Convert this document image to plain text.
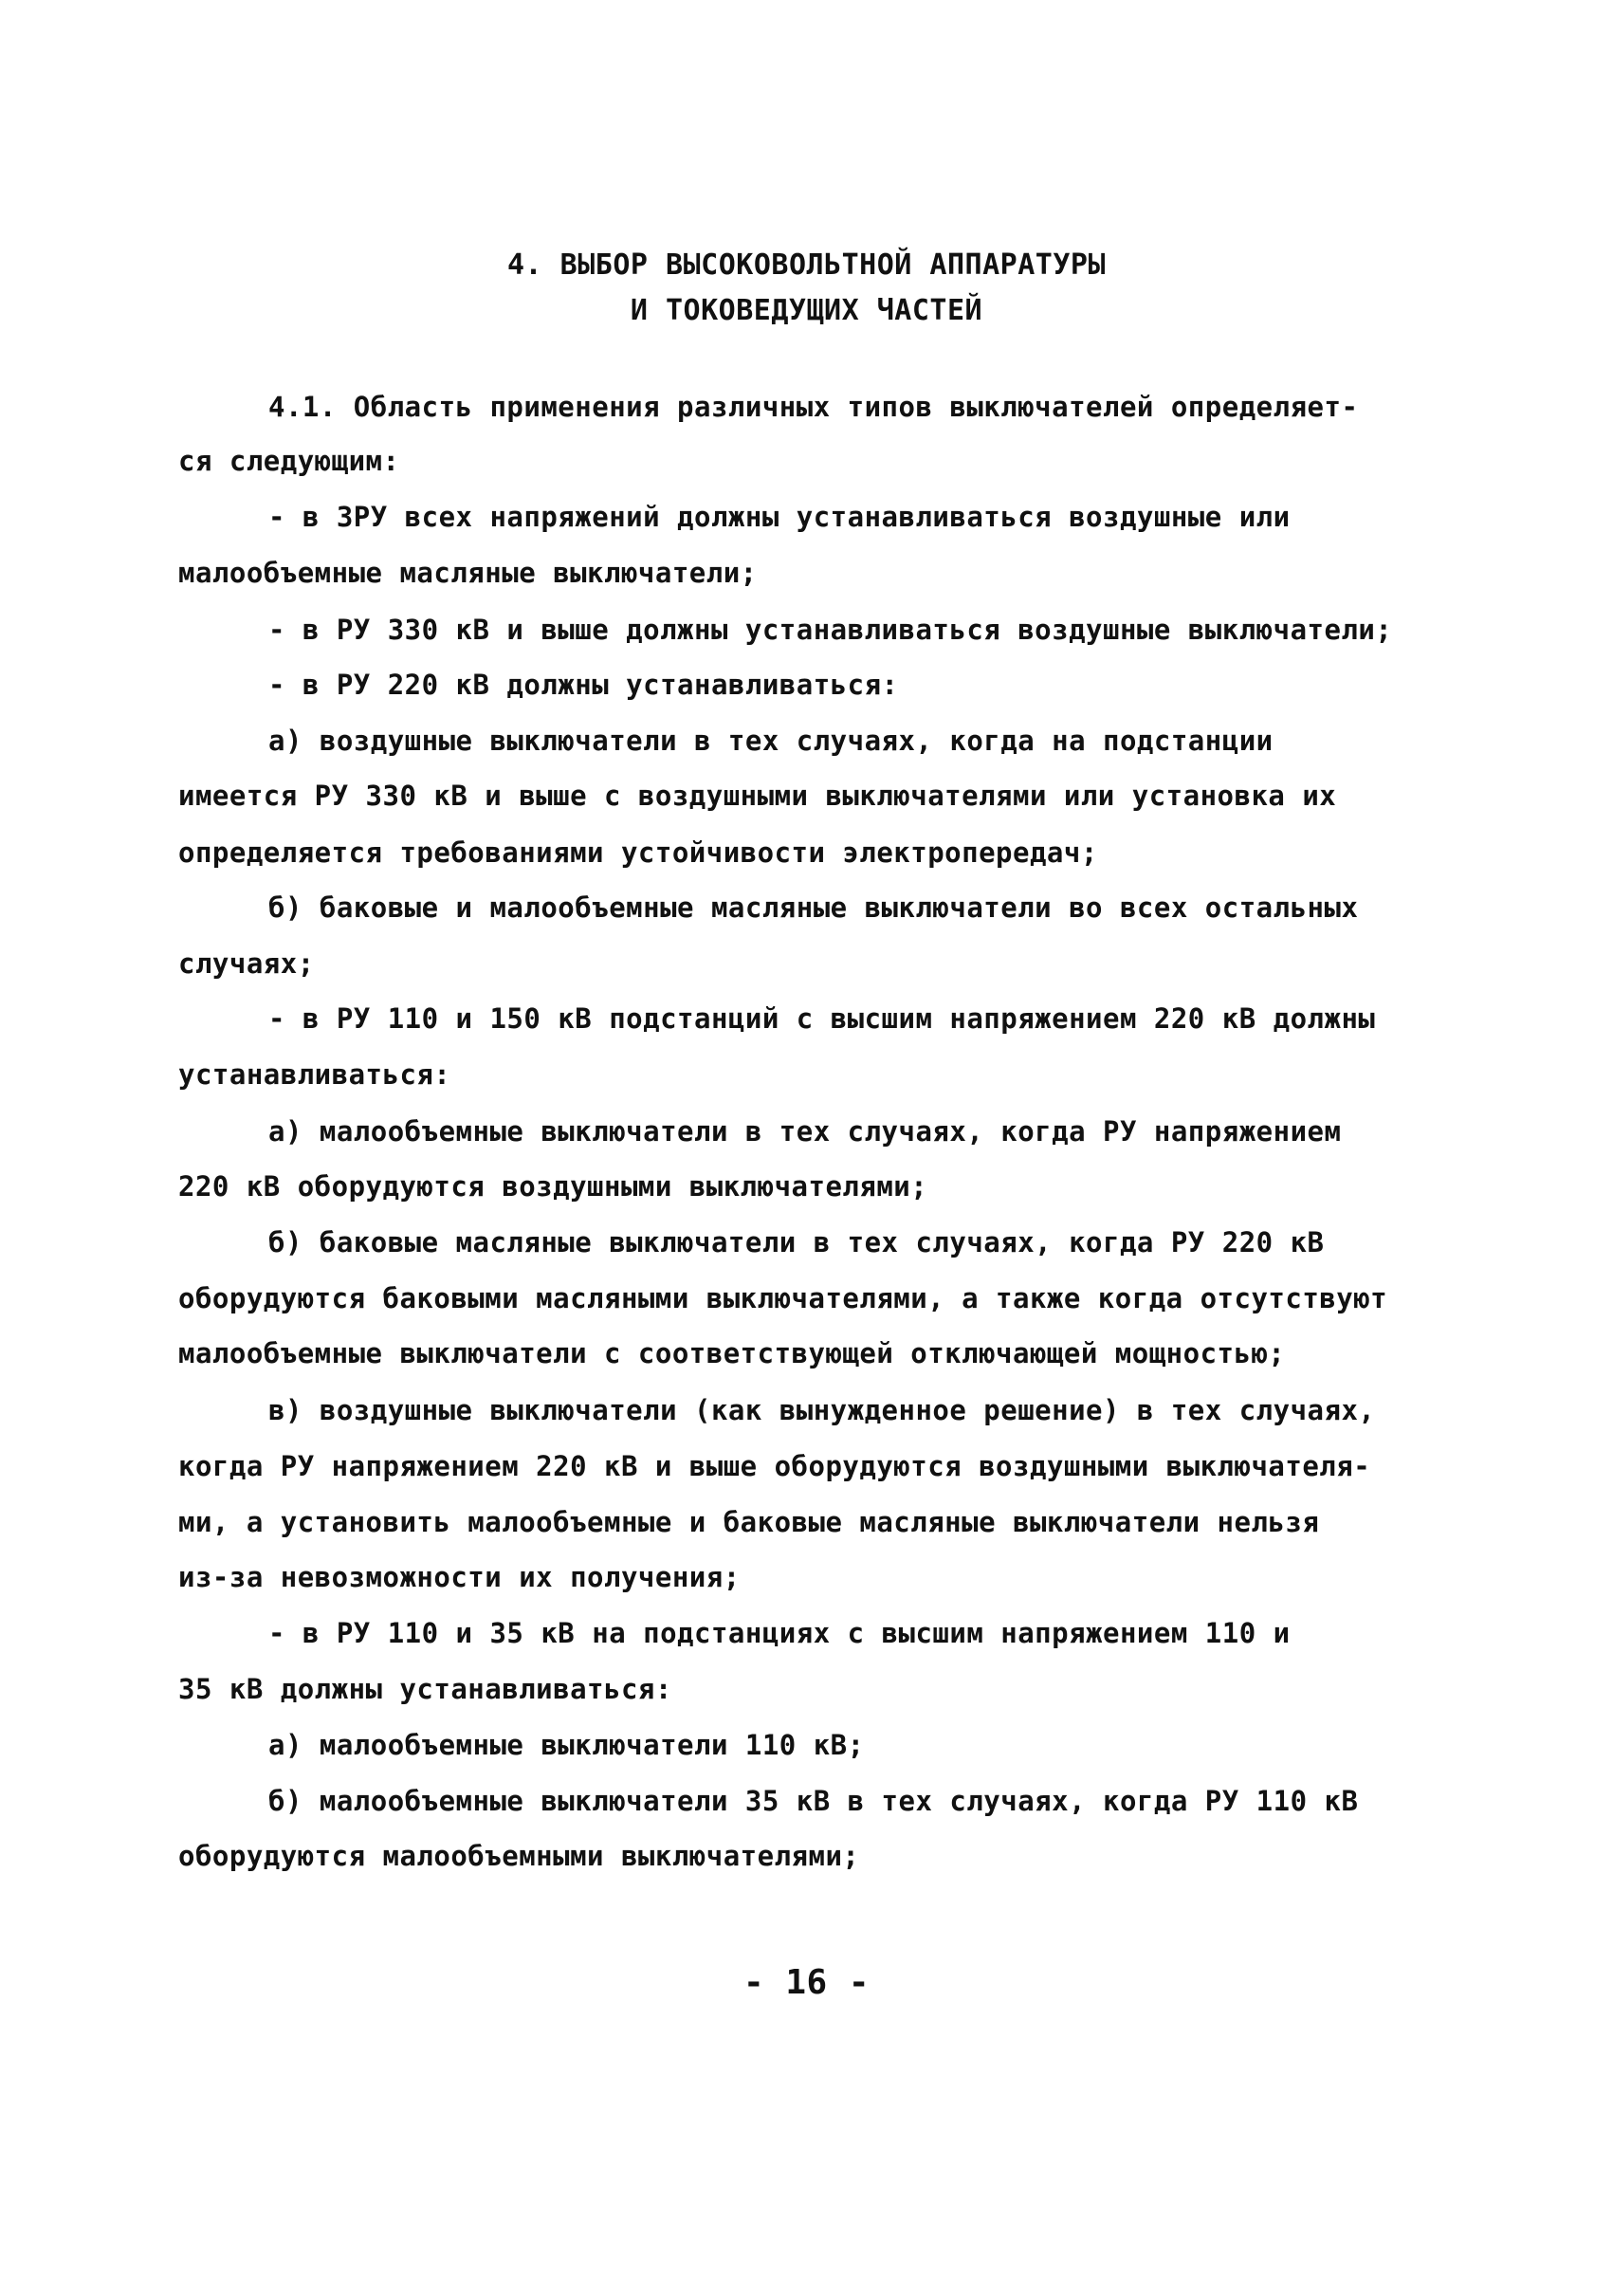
4. ВЫБОР ВЫСОКОВОЛЬТНОЙ АППАРАТУРЫ
И ТОКОВЕДУЩИХ ЧАСТЕЙ
4.1. Область применения различных типов выключателей определяет-
ся следующим:
- в ЗРУ всех напряжений должны устанавливаться воздушные или
малообъемные масляные выключатели;
- в РУ 330 кВ и выше должны устанавливаться воздушные выключатели;
- в РУ 220 кВ должны устанавливаться:
а) воздушные выключатели в тех случаях, когда на подстанции
имеется РУ 330 кВ и выше с воздушными выключателями или установка их
определяется требованиями устойчивости электропередач;
б) баковые и малообъемные масляные выключатели во всех остальных
случаях;
- в РУ 110 и 150 кВ подстанций с высшим напряжением 220 кВ должны
устанавливаться:
а) малообъемные выключатели в тех случаях, когда РУ напряжением
220 кВ оборудуются воздушными выключателями;
б) баковые масляные выключатели в тех случаях, когда РУ 220 кВ
оборудуются баковыми масляными выключателями, а также когда отсутствуют
малообъемные выключатели с соответствующей отключающей мощностью;
в) воздушные выключатели (как вынужденное решение) в тех случаях,
когда РУ напряжением 220 кВ и выше оборудуются воздушными выключателя-
ми, а установить малообъемные и баковые масляные выключатели нельзя
из-за невозможности их получения;
- в РУ 110 и 35 кВ на подстанциях с высшим напряжением 110 и
35 кВ должны устанавливаться:
а) малообъемные выключатели 110 кВ;
б) малообъемные выключатели 35 кВ в тех случаях, когда РУ 110 кВ
оборудуются малообъемными выключателями;
- 16 -
